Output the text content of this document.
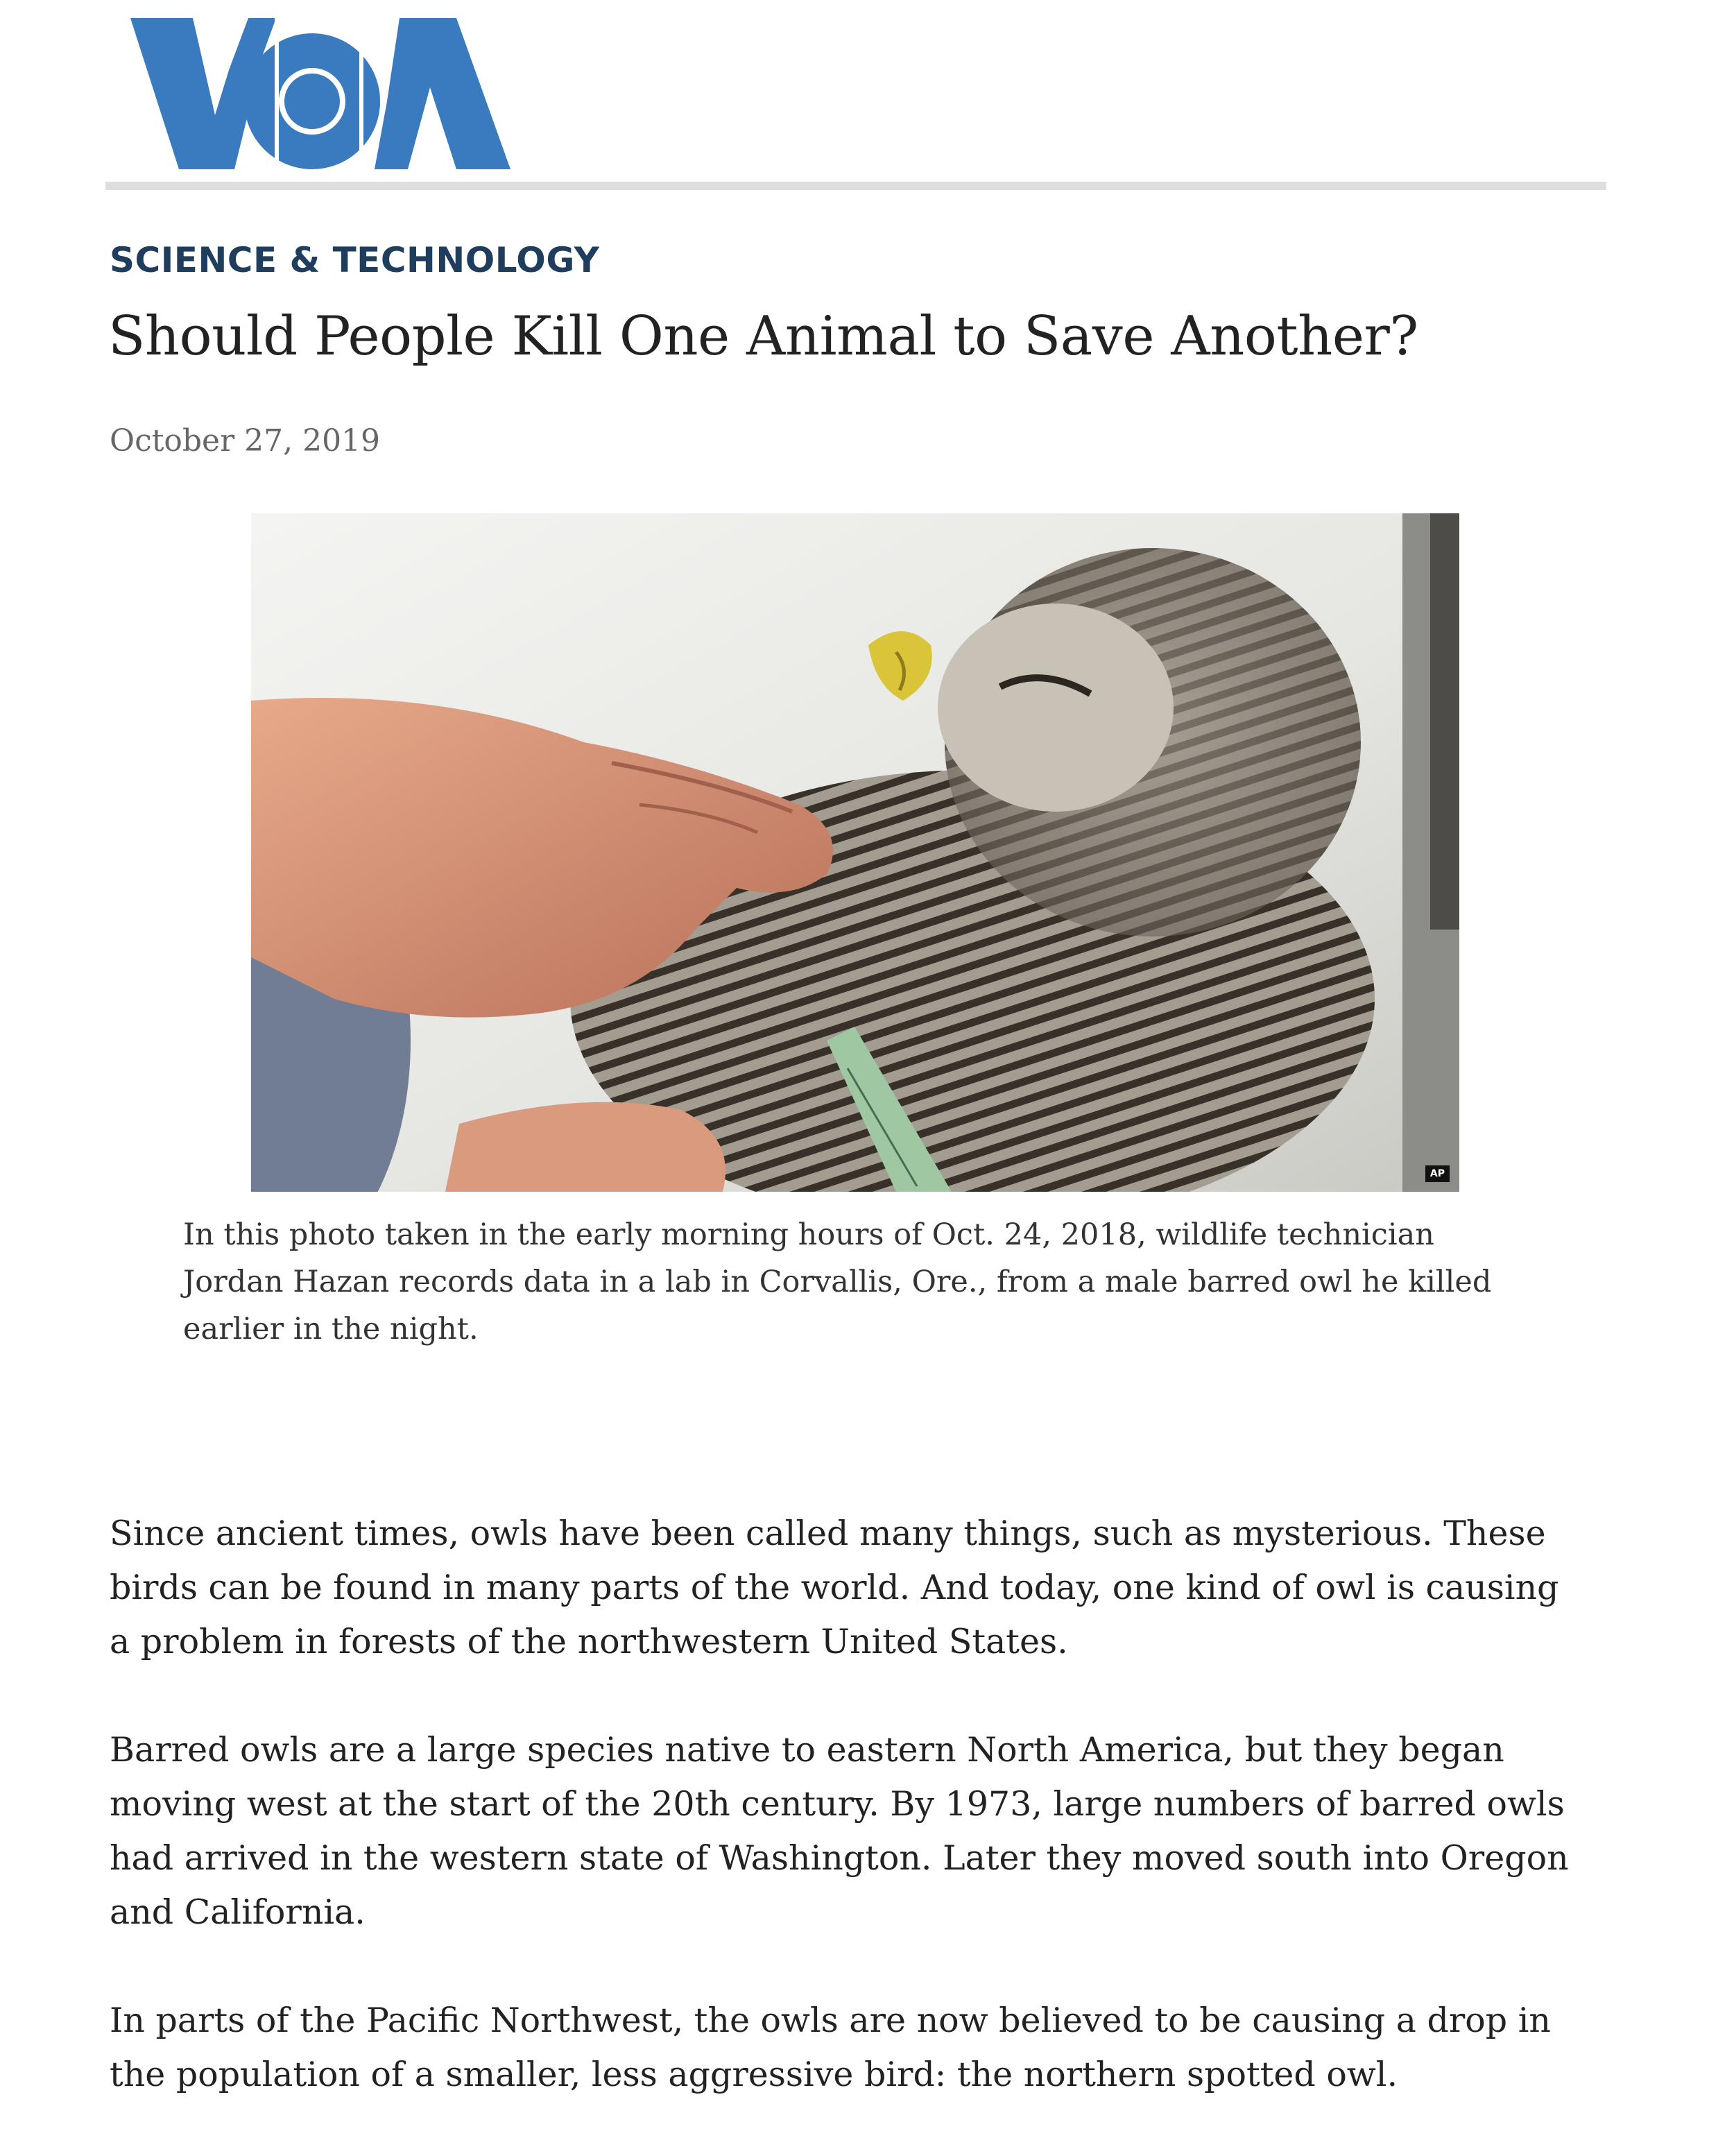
SCIENCE & TECHNOLOGY
Should People Kill One Animal to Save Another?
October 27, 2019
AP

In this photo taken in the early morning hours of Oct. 24, 2018, wildlife technician Jordan Hazan records data in a lab in Corvallis, Ore., from a male barred owl he killed earlier in the night.

Since ancient times, owls have been called many things, such as mysterious. These birds can be found in many parts of the world. And today, one kind of owl is causing a problem in forests of the northwestern United States.

Barred owls are a large species native to eastern North America, but they began moving west at the start of the 20th century. By 1973, large numbers of barred owls had arrived in the western state of Washington. Later they moved south into Oregon and California.

In parts of the Pacific Northwest, the owls are now believed to be causing a drop in the population of a smaller, less aggressive bird: the northern spotted owl.
